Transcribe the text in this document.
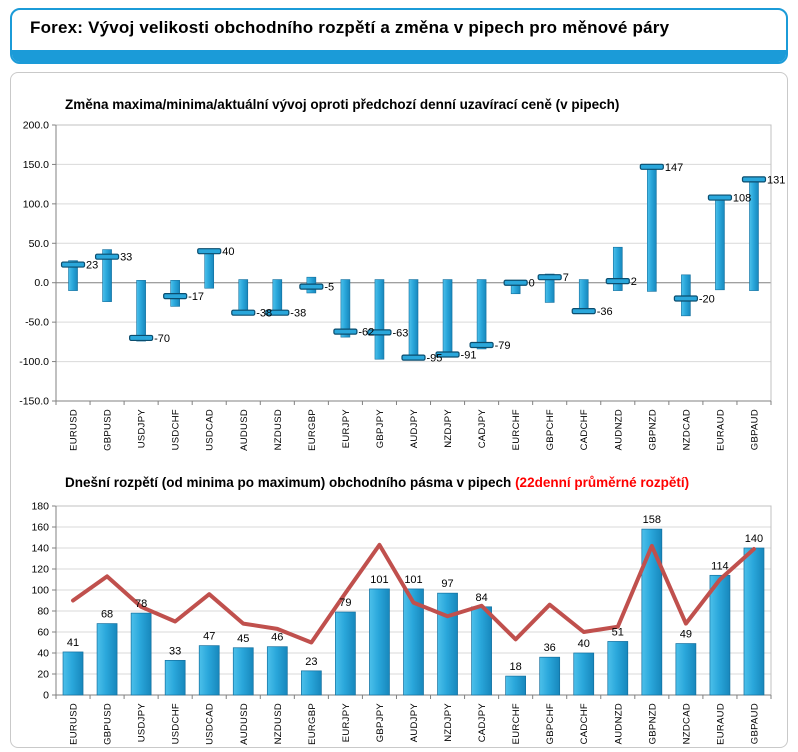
Forex: Vývoj velikosti obchodního rozpětí a změna v pipech pro měnové páry
200.0
150.0
100.0
50.0
0.0
-50.0
-100.0
-150.0
EURUSD GBPUSD USDJPY USDCHF USDCAD AUDUSD NZDUSD EURGBP EURJPY GBPJPY AUDJPY NZDJPY CADJPY EURCHF GBPCHF CADCHF AUDNZD GBPNZD NZDCAD EURAUD GBPAUD
23
33
-70
-17
40
-38 -38
-5
-62 -63
-95 -91
-79
0	7
-36
2
147
-20
108
131
180
160
140
120
100
80
60
40
20
0
EURUSD GBPUSD USDJPY USDCHF USDCAD AUDUSD NZDUSD EURGBP EURJPY GBPJPY AUDJPY NZDJPY CADJPY EURCHF GBPCHF CADCHF AUDNZD GBPNZD NZDCAD EURAUD GBPAUD
41
68
78
33
47 45 46
23
79
101 101 97
84
18
36 40
51
158
49
114
140
Změna maxima/minima/aktuální vývoj oproti předchozí denní uzavírací ceně (v pipech)
Dnešní rozpětí (od minima po maximum) obchodního pásma v pipech (22denní průměrné rozpětí)
